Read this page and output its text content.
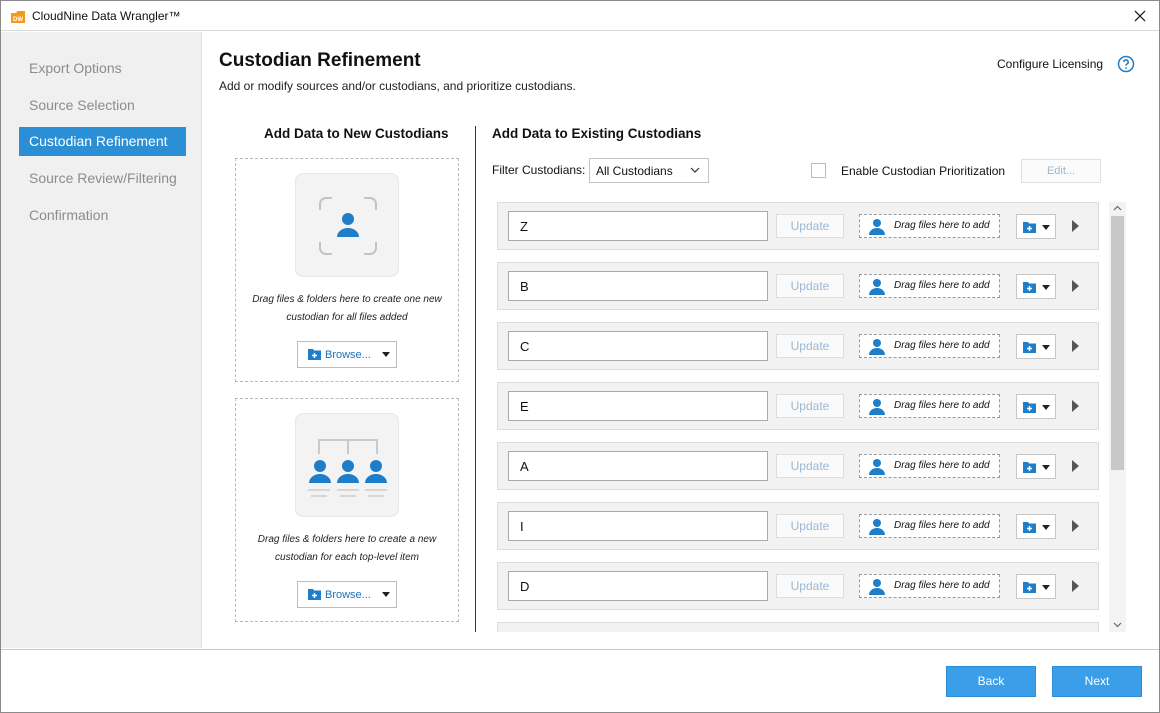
DW CloudNine Data Wrangler™
Export Options
Source Selection
Custodian Refinement
Source Review/Filtering
Confirmation
Custodian Refinement
Add or modify sources and/or custodians, and prioritize custodians.
Configure Licensing
Add Data to New Custodians
Drag files & folders here to create one new
custodian for all files added
Browse...
Drag files & folders here to create a new
custodian for each top-level item
Browse...
Add Data to Existing Custodians
Filter Custodians: All Custodians	Enable Custodian Prioritization	Edit...
Z
Update	Drag files here to add
B
Update	Drag files here to add
C
Update	Drag files here to add
E
Update	Drag files here to add
A
Update	Drag files here to add
I
Update	Drag files here to add
D
Update	Drag files here to add
Back	Next
